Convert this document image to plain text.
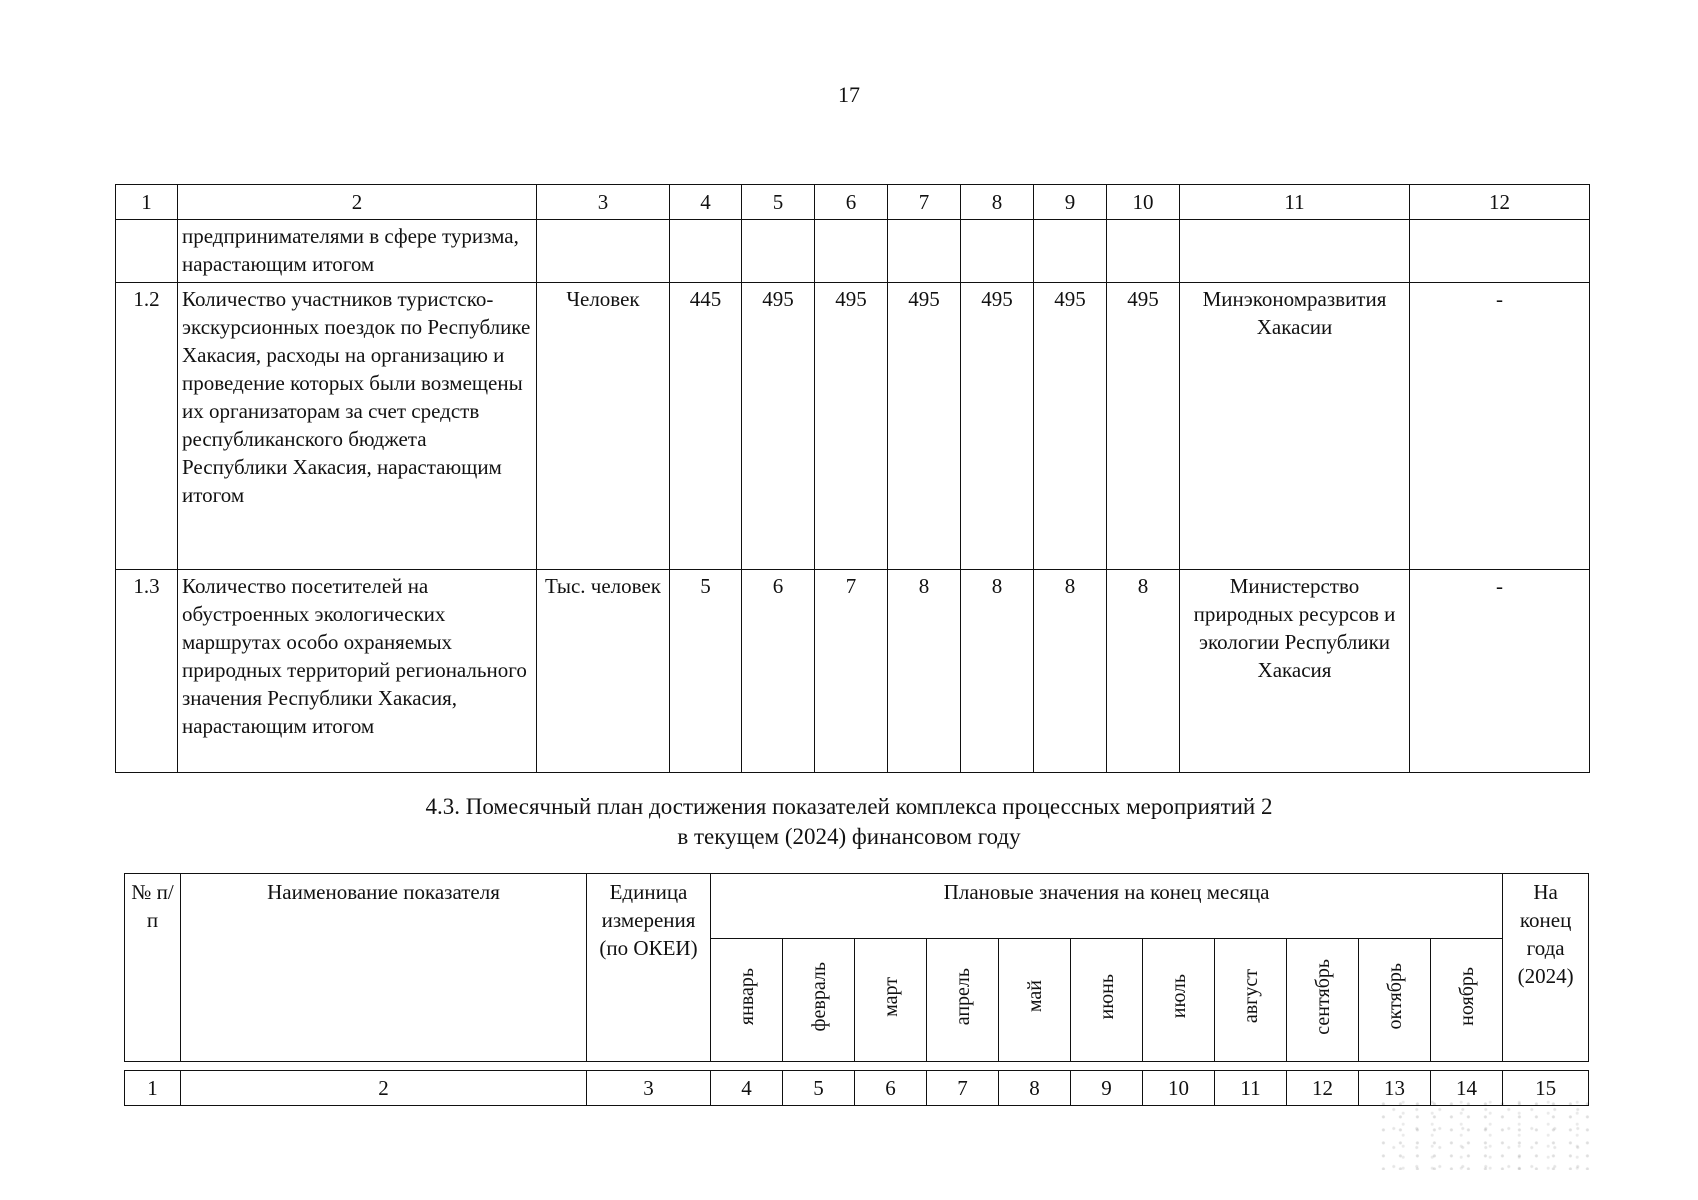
17
1	2	3	4	5	6	7	8	9	10	11	12
	предпринимателями в сфере туризма, нарастающим итогом										
1.2	Количество участников туристско-экскурсионных поездок по Республике Хакасия, расходы на организацию и проведение которых были возмещены их организаторам за счет средств республиканского бюджета Республики Хакасия, нарастающим итогом	Человек	445	495	495	495	495	495	495	Минэкономразвития Хакасии	-
1.3	Количество посетителей на обустроенных экологических маршрутах особо охраняемых природных территорий регионального значения Республики Хакасия, нарастающим итогом	Тыс. человек	5	6	7	8	8	8	8	Министерство природных ресурсов и экологии Республики Хакасия	-
4.3. Помесячный план достижения показателей комплекса процессных мероприятий 2
в текущем (2024) финансовом году
№ п/п	Наименование показателя	Единица измерения (по ОКЕИ)	Плановые значения на конец месяца											На конец года (2024)
			январь	февраль	март	апрель	май	июнь	июль	август	сентябрь	октябрь	ноябрь	

1	2	3	4	5	6	7	8	9	10	11	12	13	14	15
